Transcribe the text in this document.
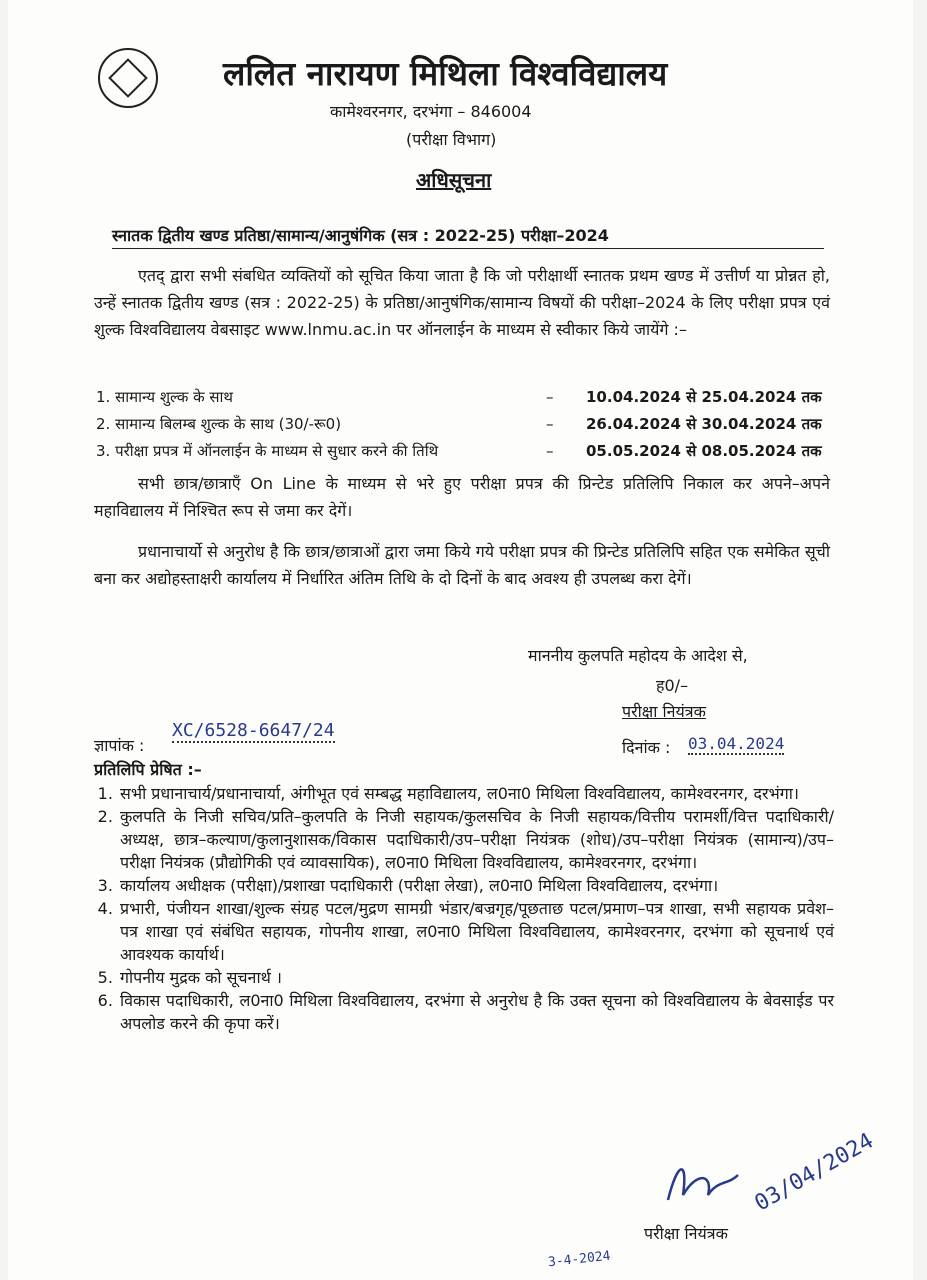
ललित नारायण मिथिला विश्वविद्यालय
कामेश्वरनगर, दरभंगा – 846004
(परीक्षा विभाग)
अधिसूचना
स्नातक द्वितीय खण्ड प्रतिष्ठा/सामान्य/आनुषंगिक (सत्र : 2022-25) परीक्षा–2024
एतद् द्वारा सभी संबधित व्यक्तियों को सूचित किया जाता है कि जो परीक्षार्थी स्नातक प्रथम खण्ड में उत्तीर्ण या प्रोन्नत हो, उन्हें स्नातक द्वितीय खण्ड (सत्र : 2022-25) के प्रतिष्ठा/आनुषंगिक/सामान्य विषयों की परीक्षा–2024 के लिए परीक्षा प्रपत्र एवं शुल्क विश्वविद्यालय वेबसाइट www.lnmu.ac.in पर ऑनलाईन के माध्यम से स्वीकार किये जायेंगे :–
1. सामान्य शुल्क के साथ	–	10.04.2024 से 25.04.2024 तक
2. सामान्य बिलम्ब शुल्क के साथ (30/-रू0)	–	26.04.2024 से 30.04.2024 तक
3. परीक्षा प्रपत्र में ऑनलाईन के माध्यम से सुधार करने की तिथि	–	05.05.2024 से 08.05.2024 तक
सभी छात्र/छात्राएँ On Line के माध्यम से भरे हुए परीक्षा प्रपत्र की प्रिन्टेड प्रतिलिपि निकाल कर अपने–अपने महाविद्यालय में निश्चित रूप से जमा कर देगें।
प्रधानाचार्यो से अनुरोध है कि छात्र/छात्राओं द्वारा जमा किये गये परीक्षा प्रपत्र की प्रिन्टेड प्रतिलिपि सहित एक समेकित सूची बना कर अद्योहस्ताक्षरी कार्यालय में निर्धारित अंतिम तिथि के दो दिनों के बाद अवश्य ही उपलब्ध करा देगें।
माननीय कुलपति महोदय के आदेश से,
ह0/–
परीक्षा नियंत्रक
ज्ञापांक :
XC/6528-6647/24
दिनांक : 03.04.2024
प्रतिलिपि प्रेषित :–
1. सभी प्रधानाचार्य/प्रधानाचार्या, अंगीभूत एवं सम्बद्ध महाविद्यालय, ल0ना0 मिथिला विश्वविद्यालय, कामेश्वरनगर, दरभंगा।
2. कुलपति के निजी सचिव/प्रति–कुलपति के निजी सहायक/कुलसचिव के निजी सहायक/वित्तीय परामर्शी/वित्त पदाधिकारी/अध्यक्ष, छात्र–कल्याण/कुलानुशासक/विकास पदाधिकारी/उप–परीक्षा नियंत्रक (शोध)/उप–परीक्षा नियंत्रक (सामान्य)/उप–परीक्षा नियंत्रक (प्रौद्योगिकी एवं व्यावसायिक), ल0ना0 मिथिला विश्वविद्यालय, कामेश्वरनगर, दरभंगा।
3. कार्यालय अधीक्षक (परीक्षा)/प्रशाखा पदाधिकारी (परीक्षा लेखा), ल0ना0 मिथिला विश्वविद्यालय, दरभंगा।
4. प्रभारी, पंजीयन शाखा/शुल्क संग्रह पटल/मुद्रण सामग्री भंडार/बज्रगृह/पूछताछ पटल/प्रमाण–पत्र शाखा, सभी सहायक प्रवेश–पत्र शाखा एवं संबंधित सहायक, गोपनीय शाखा, ल0ना0 मिथिला विश्वविद्यालय, कामेश्वरनगर, दरभंगा को सूचनार्थ एवं आवश्यक कार्यार्थ।
5. गोपनीय मुद्रक को सूचनार्थ ।
6. विकास पदाधिकारी, ल0ना0 मिथिला विश्वविद्यालय, दरभंगा से अनुरोध है कि उक्त सूचना को विश्वविद्यालय के बेवसाईड पर अपलोड करने की कृपा करें।
03/04/2024
परीक्षा नियंत्रक
3-4-2024
